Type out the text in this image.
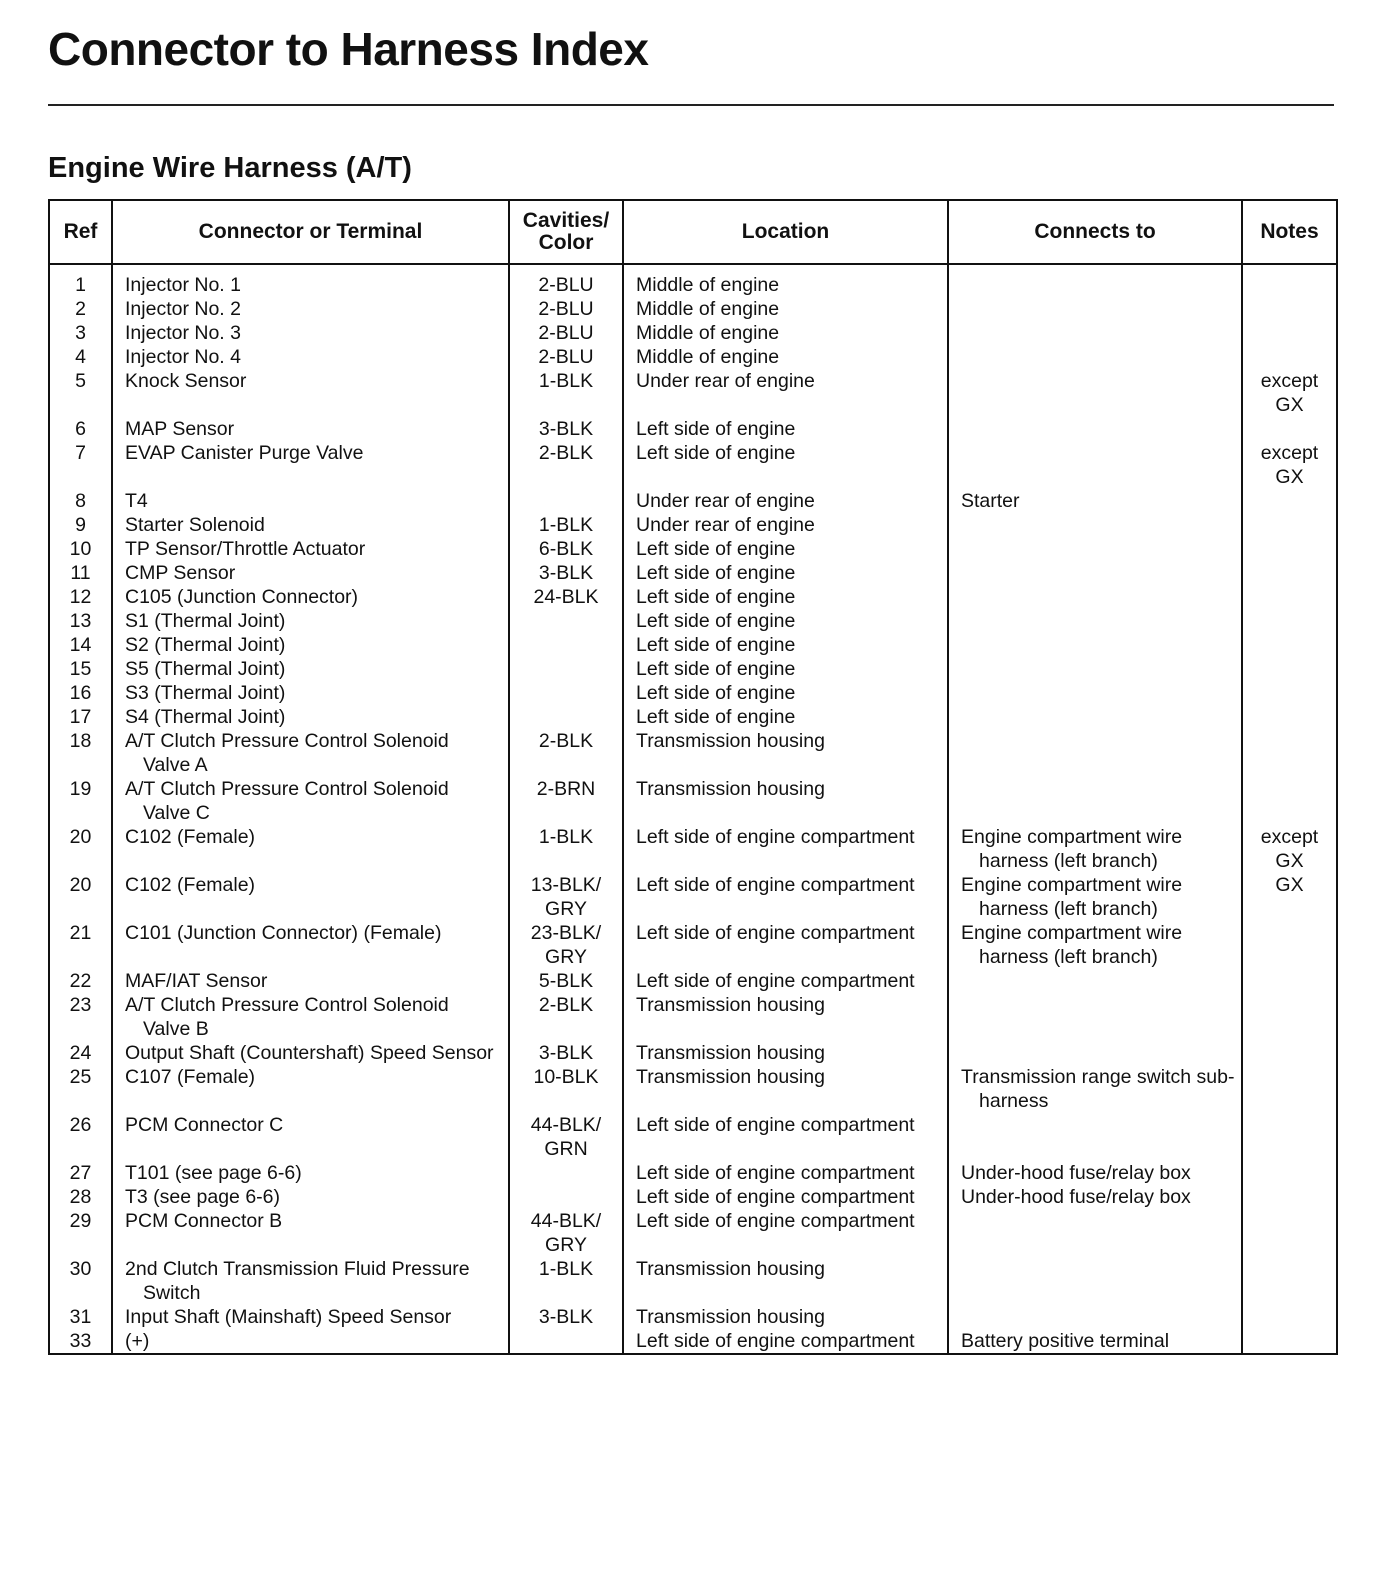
Connector to Harness Index
Engine Wire Harness (A/T)
Ref	Connector or Terminal	Cavities/
Color	Location	Connects to	Notes
1	Injector No. 1	2-BLU	Middle of engine	

2	Injector No. 2	2-BLU	Middle of engine	

3	Injector No. 3	2-BLU	Middle of engine	

4	Injector No. 4	2-BLU	Middle of engine	

5	Knock Sensor	1-BLK	Under rear of engine		except
GX
6	MAP Sensor	3-BLK	Left side of engine	

7	EVAP Canister Purge Valve	2-BLK	Left side of engine		except
GX
8	T4		Under rear of engine	Starter	

9	Starter Solenoid	1-BLK	Under rear of engine	

10	TP Sensor/Throttle Actuator	6-BLK	Left side of engine	

11	CMP Sensor	3-BLK	Left side of engine	

12	C105 (Junction Connector)	24-BLK	Left side of engine	

13	S1 (Thermal Joint)		Left side of engine	

14	S2 (Thermal Joint)		Left side of engine	

15	S5 (Thermal Joint)		Left side of engine	

16	S3 (Thermal Joint)		Left side of engine	

17	S4 (Thermal Joint)		Left side of engine	

18	A/T Clutch Pressure Control Solenoid Valve A	2-BLK	Transmission housing	

19	A/T Clutch Pressure Control Solenoid Valve C	2-BRN	Transmission housing	

20	C102 (Female)	1-BLK	Left side of engine compartment	Engine compartment wire harness (left branch)	except
GX
20	C102 (Female)	13-BLK/
GRY	Left side of engine compartment	Engine compartment wire harness (left branch)	GX
21	C101 (Junction Connector) (Female)	23-BLK/
GRY	Left side of engine compartment	Engine compartment wire harness (left branch)	

22	MAF/IAT Sensor	5-BLK	Left side of engine compartment	

23	A/T Clutch Pressure Control Solenoid Valve B	2-BLK	Transmission housing	

24	Output Shaft (Countershaft) Speed Sensor	3-BLK	Transmission housing	

25	C107 (Female)	10-BLK	Transmission housing	Transmission range switch sub-harness	

26	PCM Connector C	44-BLK/
GRN	Left side of engine compartment	

27	T101 (see page 6-6)		Left side of engine compartment	Under-hood fuse/relay box	

28	T3 (see page 6-6)		Left side of engine compartment	Under-hood fuse/relay box	

29	PCM Connector B	44-BLK/
GRY	Left side of engine compartment	

30	2nd Clutch Transmission Fluid Pressure Switch	1-BLK	Transmission housing	

31	Input Shaft (Mainshaft) Speed Sensor	3-BLK	Transmission housing	

33	(+)		Left side of engine compartment	Battery positive terminal	
